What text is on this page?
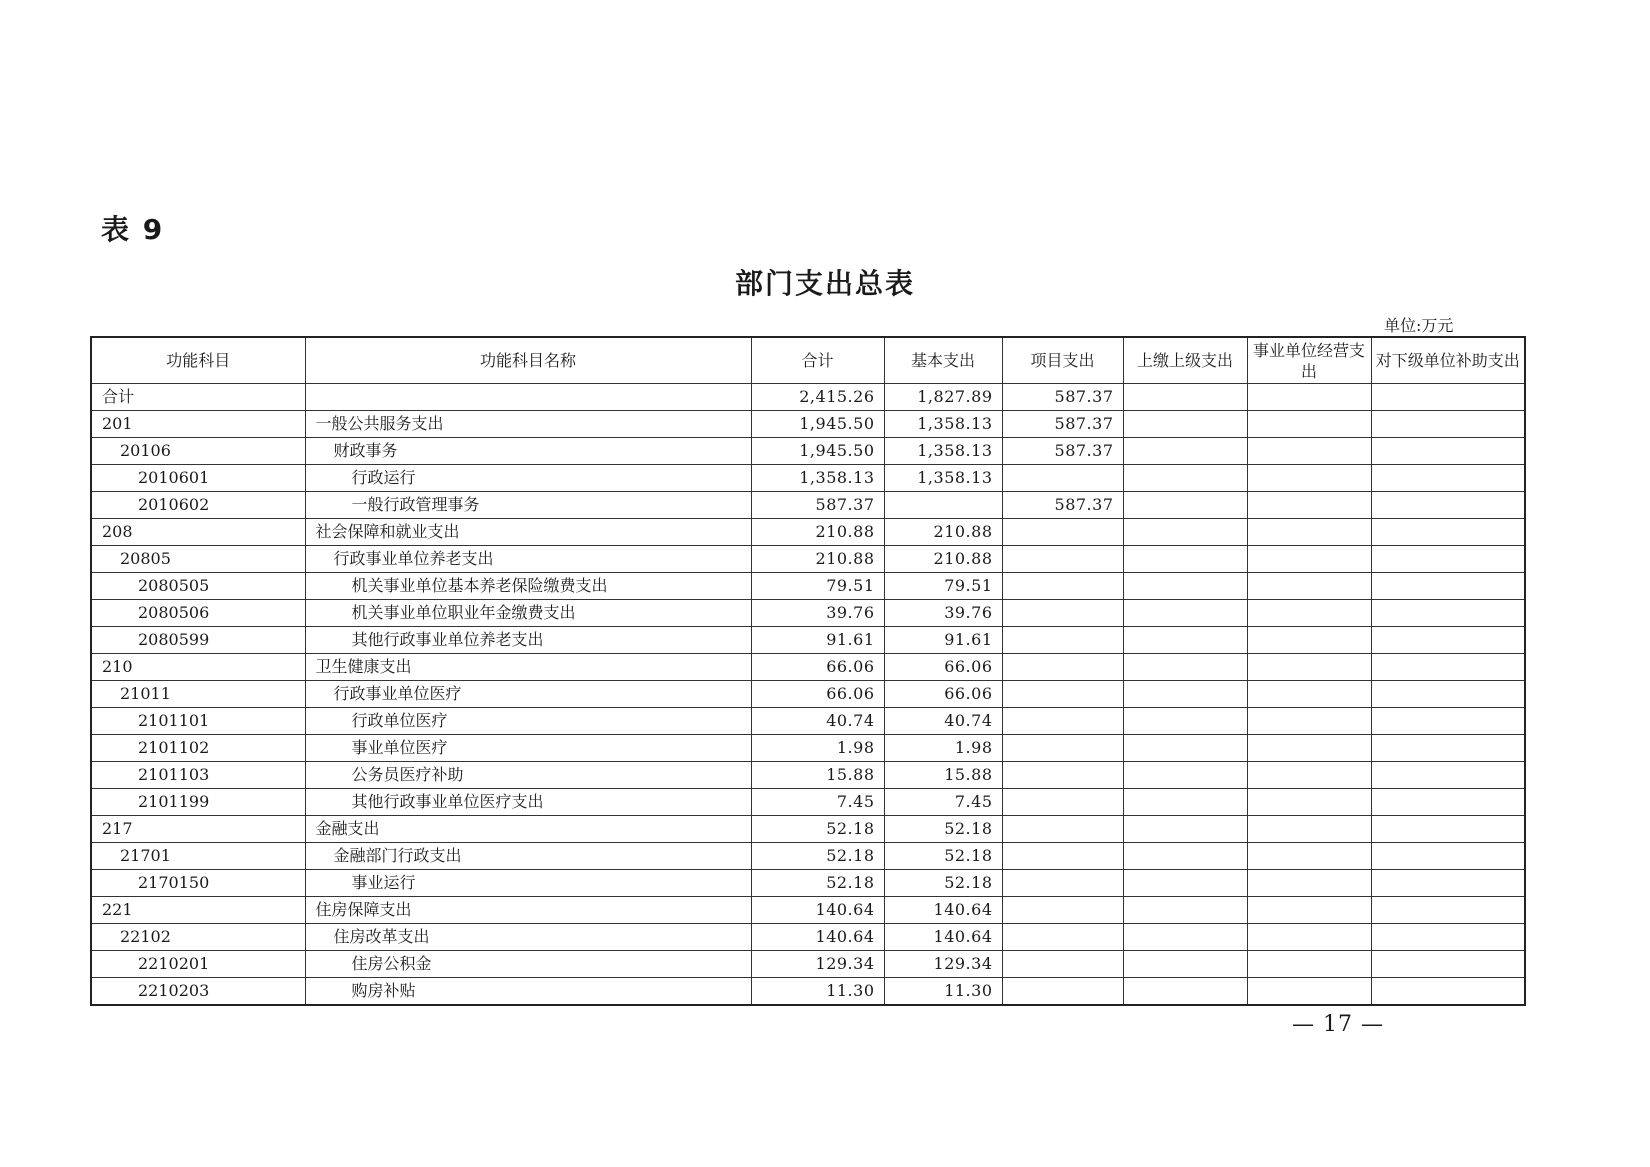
表 9
部门支出总表
单位:万元
功能科目	功能科目名称	合计	基本支出	项目支出	上缴上级支出	事业单位经营支出	对下级单位补助支出
合计		2,415.26	1,827.89	587.37			
201	一般公共服务支出	1,945.50	1,358.13	587.37			
20106	财政事务	1,945.50	1,358.13	587.37			
2010601	行政运行	1,358.13	1,358.13				
2010602	一般行政管理事务	587.37		587.37			
208	社会保障和就业支出	210.88	210.88				
20805	行政事业单位养老支出	210.88	210.88				
2080505	机关事业单位基本养老保险缴费支出	79.51	79.51				
2080506	机关事业单位职业年金缴费支出	39.76	39.76				
2080599	其他行政事业单位养老支出	91.61	91.61				
210	卫生健康支出	66.06	66.06				
21011	行政事业单位医疗	66.06	66.06				
2101101	行政单位医疗	40.74	40.74				
2101102	事业单位医疗	1.98	1.98				
2101103	公务员医疗补助	15.88	15.88				
2101199	其他行政事业单位医疗支出	7.45	7.45				
217	金融支出	52.18	52.18				
21701	金融部门行政支出	52.18	52.18				
2170150	事业运行	52.18	52.18				
221	住房保障支出	140.64	140.64				
22102	住房改革支出	140.64	140.64				
2210201	住房公积金	129.34	129.34				
2210203	购房补贴	11.30	11.30				
— 17 —
